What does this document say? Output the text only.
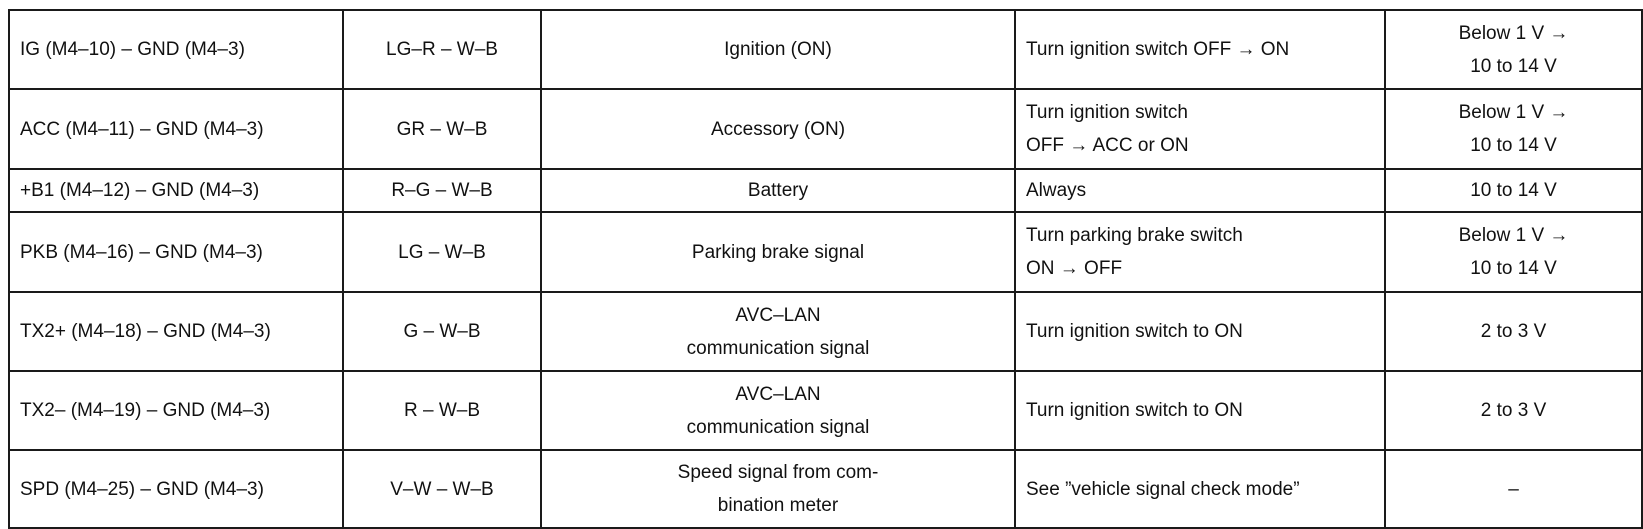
IG (M4–10) – GND (M4–3)	LG–R – W–B	Ignition (ON)	Turn ignition switch OFF → ON	Below 1 V →
10 to 14 V

ACC (M4–11) – GND (M4–3)	GR – W–B	Accessory (ON)	Turn ignition switch
OFF → ACC or ON	Below 1 V →
10 to 14 V

+B1 (M4–12) – GND (M4–3)	R–G – W–B	Battery	Always	10 to 14 V

PKB (M4–16) – GND (M4–3)	LG – W–B	Parking brake signal	Turn parking brake switch
ON → OFF	Below 1 V →
10 to 14 V

TX2+ (M4–18) – GND (M4–3)	G – W–B	AVC–LAN
communication signal	Turn ignition switch to ON	2 to 3 V

TX2– (M4–19) – GND (M4–3)	R – W–B	AVC–LAN
communication signal	Turn ignition switch to ON	2 to 3 V

SPD (M4–25) – GND (M4–3)	V–W – W–B	Speed signal from com-
bination meter	See ”vehicle signal check mode”	–
